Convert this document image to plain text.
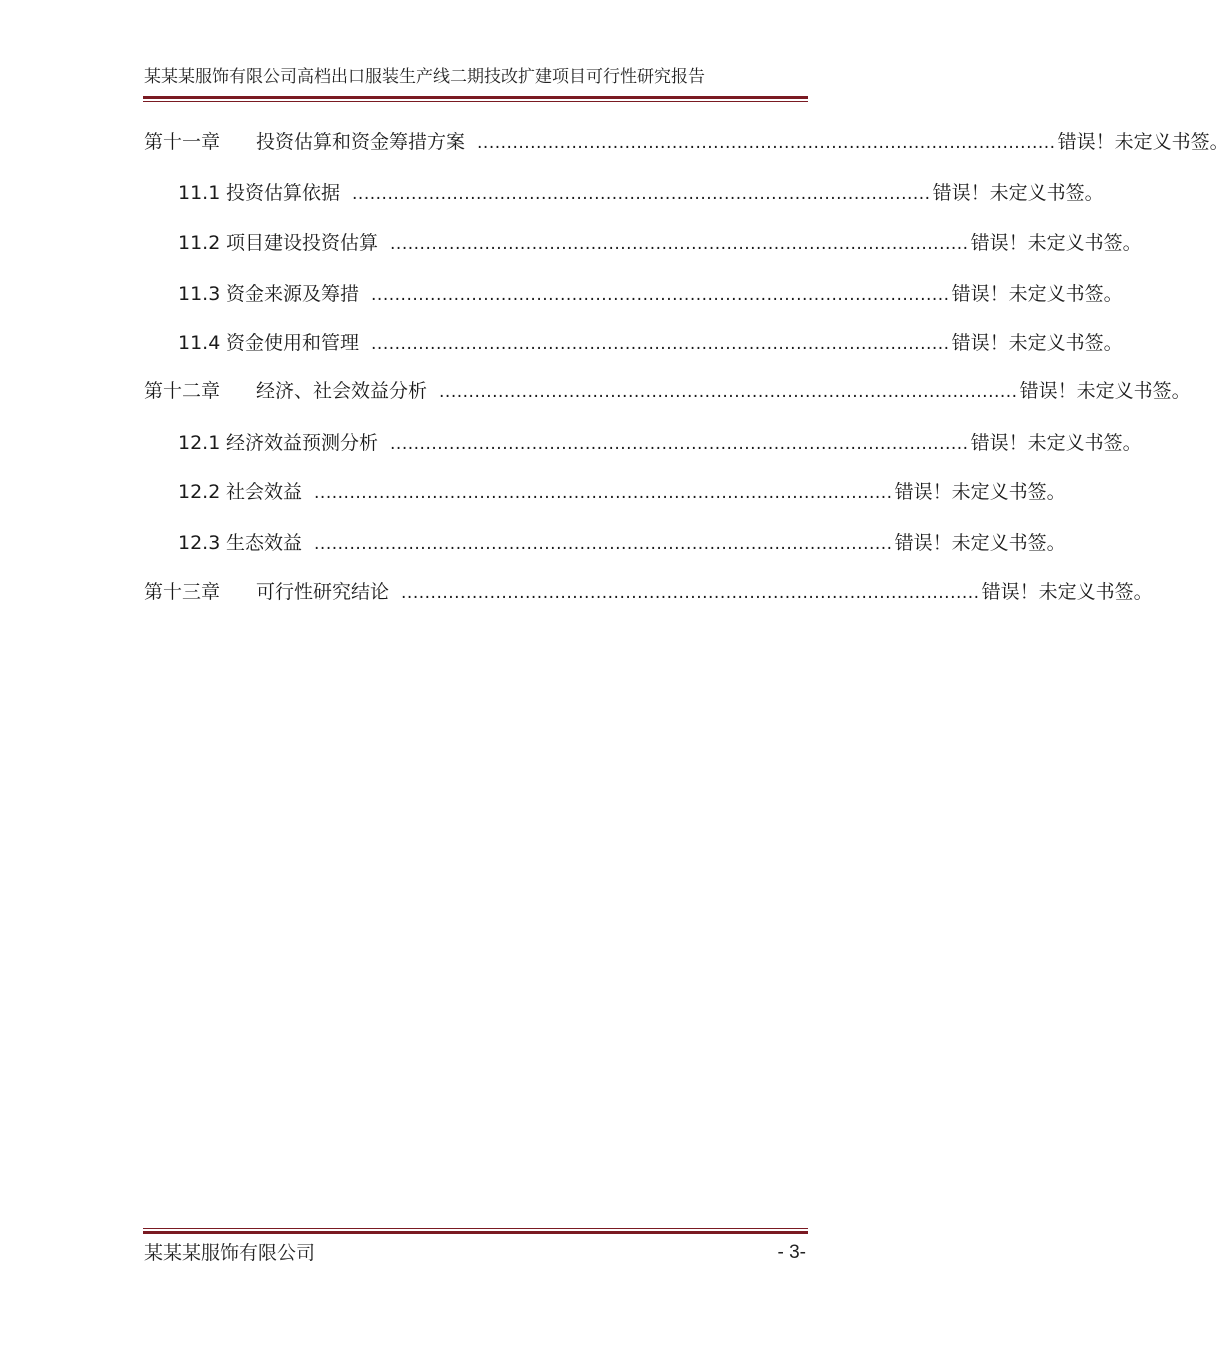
某某某服饰有限公司高档出口服装生产线二期技改扩建项目可行性研究报告
第十一章	投资估算和资金筹措方案 .................................................................................................. 错误！未定义书签。
11.1 投资估算依据 .................................................................................................. 错误！未定义书签。
11.2 项目建设投资估算 .................................................................................................. 错误！未定义书签。
11.3 资金来源及筹措 .................................................................................................. 错误！未定义书签。
11.4 资金使用和管理 .................................................................................................. 错误！未定义书签。
第十二章	经济、社会效益分析 .................................................................................................. 错误！未定义书签。
12.1 经济效益预测分析 .................................................................................................. 错误！未定义书签。
12.2 社会效益 .................................................................................................. 错误！未定义书签。
12.3 生态效益 .................................................................................................. 错误！未定义书签。
第十三章	可行性研究结论 .................................................................................................. 错误！未定义书签。
某某某服饰有限公司	- 3-
